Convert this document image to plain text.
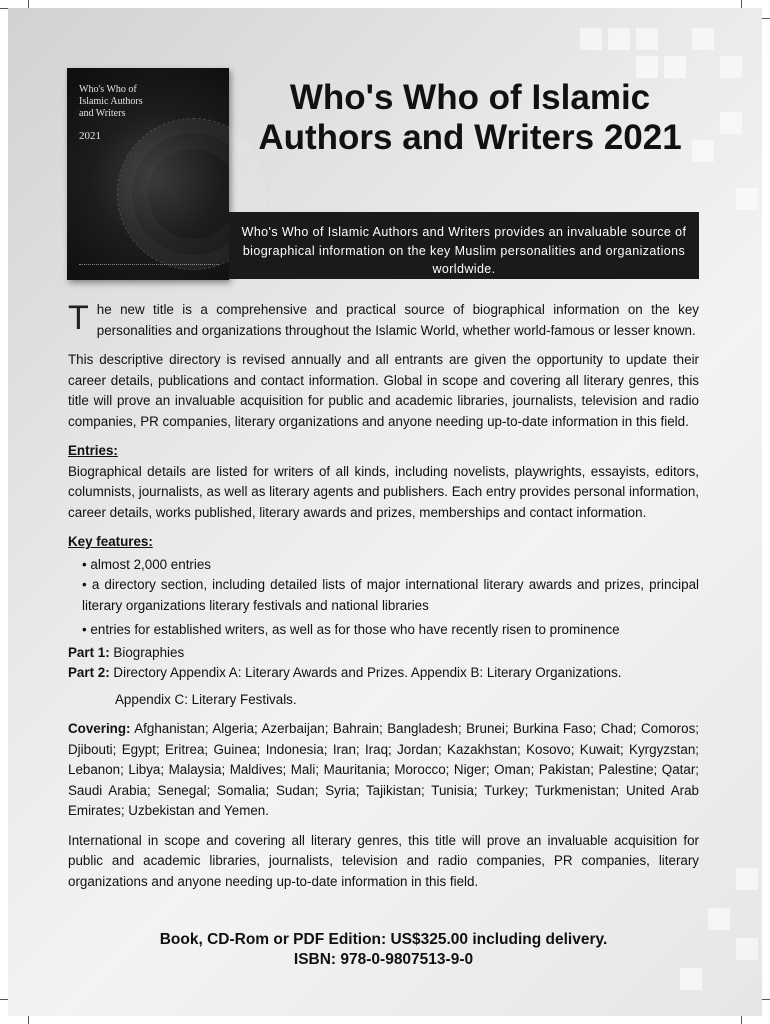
Who's Who of Islamic Authors and Writers
2021
Who's Who of Islamic Authors and Writers 2021
Who's Who of Islamic Authors and Writers provides an invaluable source of biographical information on the key Muslim personalities and organizations worldwide.

The new title is a comprehensive and practical source of biographical information on the key personalities and organizations throughout the Islamic World, whether world-famous or lesser known.

This descriptive directory is revised annually and all entrants are given the opportunity to update their career details, publications and contact information. Global in scope and covering all literary genres, this title will prove an invaluable acquisition for public and academic libraries, journalists, television and radio companies, PR companies, literary organizations and anyone needing up-to-date information in this field.

Entries:

Biographical details are listed for writers of all kinds, including novelists, playwrights, essayists, editors, columnists, journalists, as well as literary agents and publishers. Each entry provides personal information, career details, works published, literary awards and prizes, memberships and contact information.

Key features:

• almost 2,000 entries
• a directory section, including detailed lists of major international literary awards and prizes, principal literary organizations literary festivals and national libraries
• entries for established writers, as well as for those who have recently risen to prominence

Part 1: Biographies

Part 2: Directory Appendix A: Literary Awards and Prizes. Appendix B: Literary Organizations.

Appendix C: Literary Festivals.

Covering: Afghanistan; Algeria; Azerbaijan; Bahrain; Bangladesh; Brunei; Burkina Faso; Chad; Comoros; Djibouti; Egypt; Eritrea; Guinea; Indonesia; Iran; Iraq; Jordan; Kazakhstan; Kosovo; Kuwait; Kyrgyzstan; Lebanon; Libya; Malaysia; Maldives; Mali; Mauritania; Morocco; Niger; Oman; Pakistan; Palestine; Qatar; Saudi Arabia; Senegal; Somalia; Sudan; Syria; Tajikistan; Tunisia; Turkey; Turkmenistan; United Arab Emirates; Uzbekistan and Yemen.

International in scope and covering all literary genres, this title will prove an invaluable acquisition for public and academic libraries, journalists, television and radio companies, PR companies, literary organizations and anyone needing up-to-date information in this field.

Book, CD-Rom or PDF Edition: US$325.00 including delivery.
ISBN: 978-0-9807513-9-0
